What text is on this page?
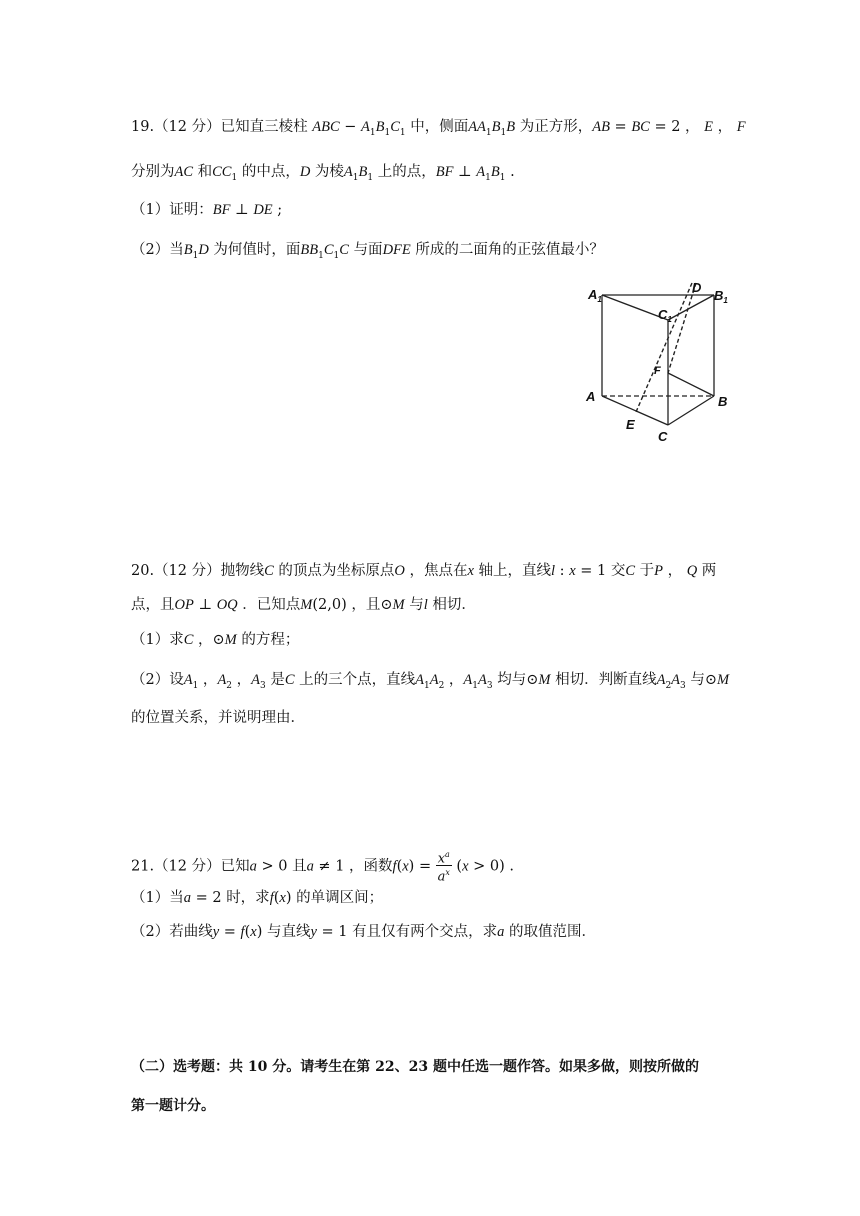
19.（12 分）已知直三棱柱 ABC − $A_1B_1C_1$ 中，侧面$AA_1B_1B$ 为正方形，AB = BC = 2 ， E ， F
分别为AC 和$CC_1$ 的中点，D 为棱$A_1B_1$ 上的点，BF ⊥ $A_1B_1$ .
（1）证明：BF ⊥ DE ;
（2）当$B_1D$ 为何值时，面$BB_1C_1C$ 与面DFE 所成的二面角的正弦值最小？
$A_1$	$B_1$
$C_1$
D
F
A	B
E
C
20.（12 分）抛物线C 的顶点为坐标原点O ，焦点在x 轴上，直线l : x = 1 交C 于P ， Q 两
点，且OP ⊥ OQ ．已知点M(2,0) ，且⊙M 与l 相切．
（1）求C ，⊙M 的方程；
（2）设$A_1$ ，$A_2$ ，$A_3$ 是C 上的三个点，直线$A_1A_2$ ，$A_1A_3$ 均与⊙M 相切．判断直线$A_2A_3$ 与⊙M
的位置关系，并说明理由．
21.（12 分）已知a > 0 且a ≠ 1 ，函数$f(x) = \frac{x^a}{a^x} (x > 0)$ .
（1）当a = 2 时，求f(x) 的单调区间；
（2）若曲线y = f(x) 与直线y = 1 有且仅有两个交点，求a 的取值范围．
（二）选考题：共 10 分。请考生在第 22、23 题中任选一题作答。如果多做，则按所做的
第一题计分。
